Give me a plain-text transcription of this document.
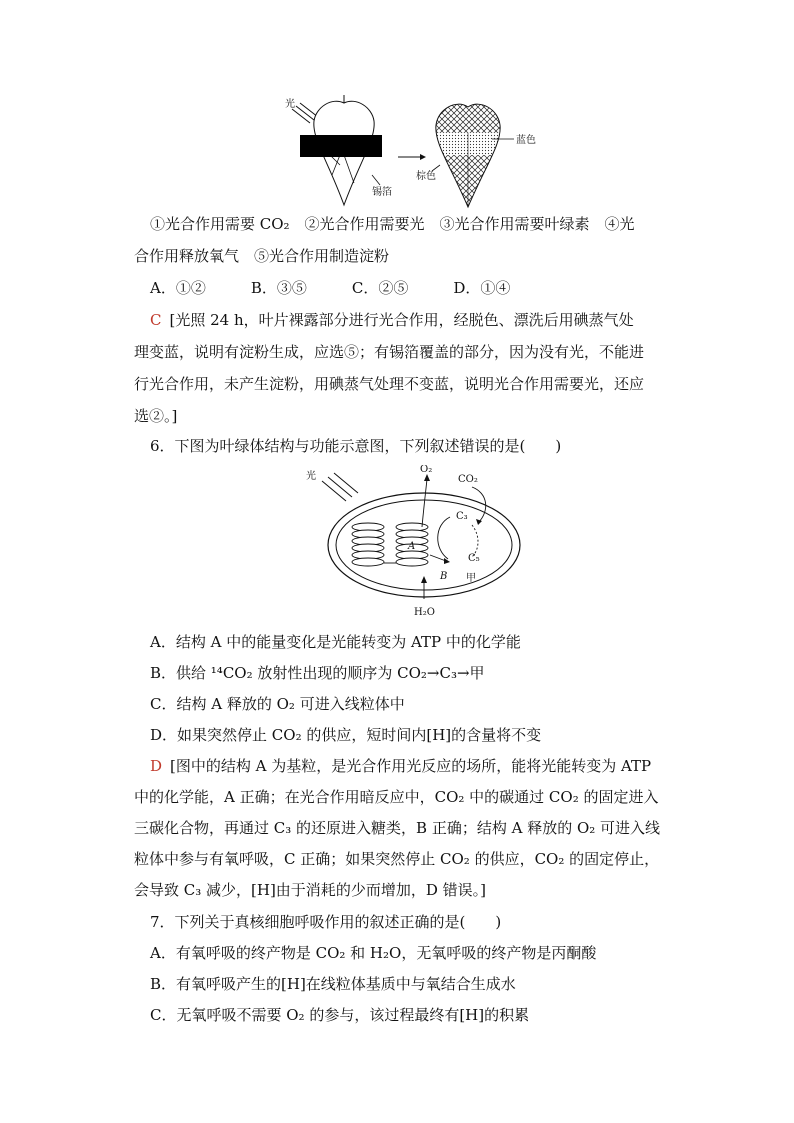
光
锡箔
蓝色
棕色
①光合作用需要 CO₂　②光合作用需要光　③光合作用需要叶绿素　④光
合作用释放氧气　⑤光合作用制造淀粉
A．①②　　　B．③⑤　　　C．②⑤　　　D．①④
C [光照 24 h，叶片裸露部分进行光合作用，经脱色、漂洗后用碘蒸气处
理变蓝，说明有淀粉生成，应选⑤；有锡箔覆盖的部分，因为没有光，不能进
行光合作用，未产生淀粉，用碘蒸气处理不变蓝，说明光合作用需要光，还应
选②。]
6．下图为叶绿体结构与功能示意图，下列叙述错误的是(　　)
光
A
O₂
CO₂
C₃
C₅
B 甲
H₂O
A．结构 A 中的能量变化是光能转变为 ATP 中的化学能
B．供给 ¹⁴CO₂ 放射性出现的顺序为 CO₂→C₃→甲
C．结构 A 释放的 O₂ 可进入线粒体中
D．如果突然停止 CO₂ 的供应，短时间内[H]的含量将不变
D [图中的结构 A 为基粒，是光合作用光反应的场所，能将光能转变为 ATP
中的化学能，A 正确；在光合作用暗反应中，CO₂ 中的碳通过 CO₂ 的固定进入
三碳化合物，再通过 C₃ 的还原进入糖类，B 正确；结构 A 释放的 O₂ 可进入线
粒体中参与有氧呼吸，C 正确；如果突然停止 CO₂ 的供应，CO₂ 的固定停止，
会导致 C₃ 减少，[H]由于消耗的少而增加，D 错误。]
7．下列关于真核细胞呼吸作用的叙述正确的是(　　)
A．有氧呼吸的终产物是 CO₂ 和 H₂O，无氧呼吸的终产物是丙酮酸
B．有氧呼吸产生的[H]在线粒体基质中与氧结合生成水
C．无氧呼吸不需要 O₂ 的参与，该过程最终有[H]的积累
